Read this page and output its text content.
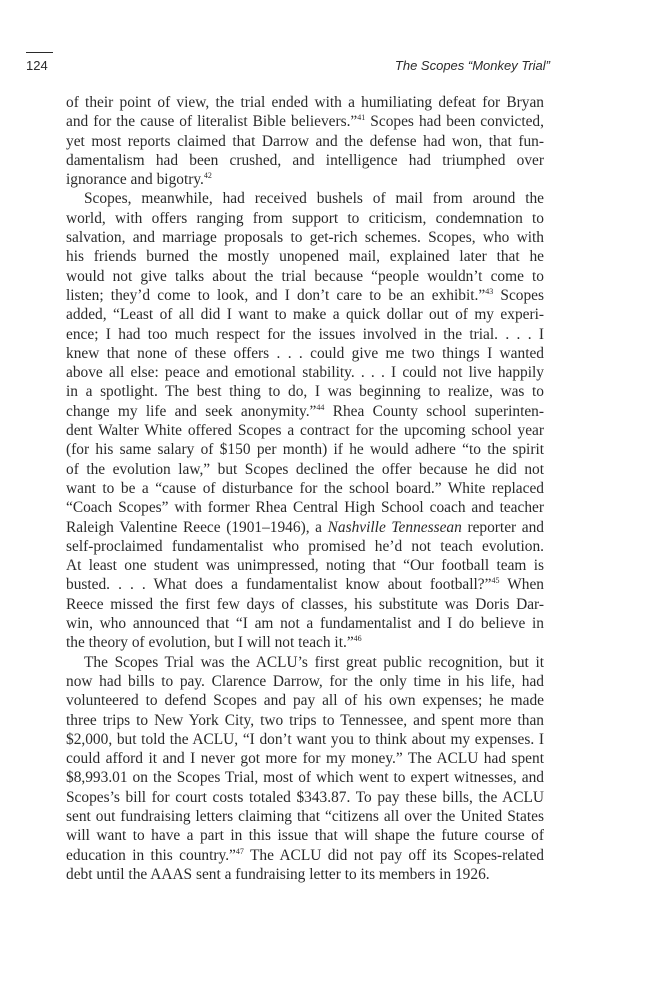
124	The Scopes “Monkey Trial”
of their point of view, the trial ended with a humiliating defeat for Bryan
and for the cause of literalist Bible believers.”$^{41}$ Scopes had been convicted,
yet most reports claimed that Darrow and the defense had won, that fun-
damentalism had been crushed, and intelligence had triumphed over
ignorance and bigotry.$^{42}$
Scopes, meanwhile, had received bushels of mail from around the
world, with offers ranging from support to criticism, condemnation to
salvation, and marriage proposals to get-rich schemes. Scopes, who with
his friends burned the mostly unopened mail, explained later that he
would not give talks about the trial because “people wouldn’t come to
listen; they’d come to look, and I don’t care to be an exhibit.”$^{43}$ Scopes
added, “Least of all did I want to make a quick dollar out of my experi-
ence; I had too much respect for the issues involved in the trial. . . . I
knew that none of these offers . . . could give me two things I wanted
above all else: peace and emotional stability. . . . I could not live happily
in a spotlight. The best thing to do, I was beginning to realize, was to
change my life and seek anonymity.”$^{44}$ Rhea County school superinten-
dent Walter White offered Scopes a contract for the upcoming school year
(for his same salary of $150 per month) if he would adhere “to the spirit
of the evolution law,” but Scopes declined the offer because he did not
want to be a “cause of disturbance for the school board.” White replaced
“Coach Scopes” with former Rhea Central High School coach and teacher
Raleigh Valentine Reece (1901–1946), a Nashville Tennessean reporter and
self-proclaimed fundamentalist who promised he’d not teach evolution.
At least one student was unimpressed, noting that “Our football team is
busted. . . . What does a fundamentalist know about football?”$^{45}$ When
Reece missed the first few days of classes, his substitute was Doris Dar-
win, who announced that “I am not a fundamentalist and I do believe in
the theory of evolution, but I will not teach it.”$^{46}$
The Scopes Trial was the ACLU’s first great public recognition, but it
now had bills to pay. Clarence Darrow, for the only time in his life, had
volunteered to defend Scopes and pay all of his own expenses; he made
three trips to New York City, two trips to Tennessee, and spent more than
$2,000, but told the ACLU, “I don’t want you to think about my expenses. I
could afford it and I never got more for my money.” The ACLU had spent
$8,993.01 on the Scopes Trial, most of which went to expert witnesses, and
Scopes’s bill for court costs totaled $343.87. To pay these bills, the ACLU
sent out fundraising letters claiming that “citizens all over the United States
will want to have a part in this issue that will shape the future course of
education in this country.”$^{47}$ The ACLU did not pay off its Scopes-related
debt until the AAAS sent a fundraising letter to its members in 1926.
